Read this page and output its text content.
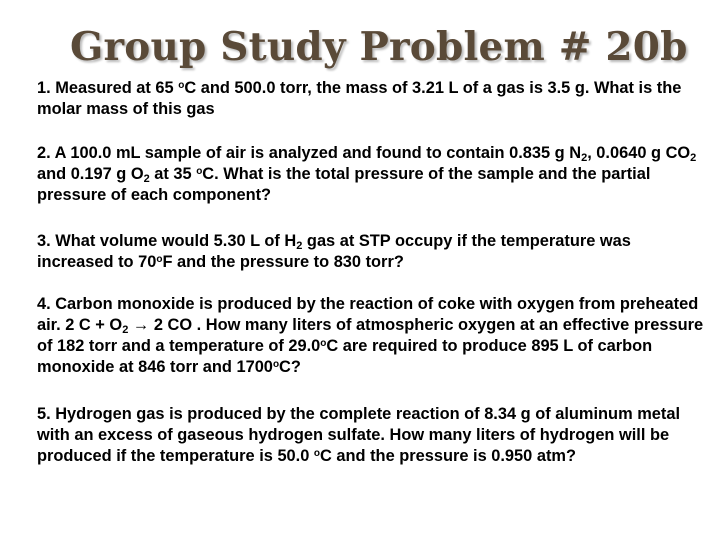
Group Study Problem # 20b

1. Measured at 65 $^o$C and 500.0 torr, the mass of 3.21 L of a gas is 3.5 g. What is the molar mass of this gas

2. A 100.0 mL sample of air is analyzed and found to contain 0.835 g $N_2$, 0.0640 g $CO_2$ and 0.197 g $O_2$ at 35 $^o$C. What is the total pressure of the sample and the partial pressure of each component?

3. What volume would 5.30 L of $H_2$ gas at STP occupy if the temperature was increased to 70$^o$F and the pressure to 830 torr?

4. Carbon monoxide is produced by the reaction of coke with oxygen from preheated air. 2 $C + O_2 \to 2$ CO . How many liters of atmospheric oxygen at an effective pressure of 182 torr and a temperature of 29.0$^o$C are required to produce 895 L of carbon monoxide at 846 torr and 1700$^o$C?

5. Hydrogen gas is produced by the complete reaction of 8.34 g of aluminum metal with an excess of gaseous hydrogen sulfate. How many liters of hydrogen will be produced if the temperature is 50.0 $^o$C and the pressure is 0.950 atm?
